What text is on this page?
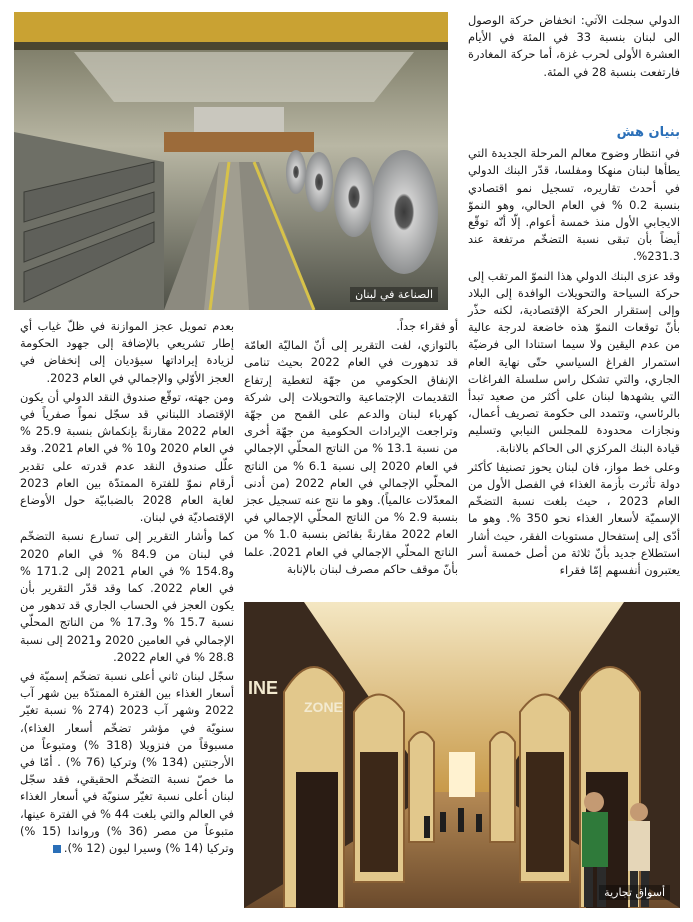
الصناعة في لبنان

الدولي سجلت الآتي: انخفاض حركة الوصول الى لبنان بنسبة 33 في المئة في الأيام العشرة الأولى لحرب غزة، أما حركة المغادرة فارتفعت بنسبة 28 في المئة.

بنيان هش

في انتظار وضوح معالم المرحلة الجديدة التي يطأها لبنان منهكا ومفلسا، قدّر البنك الدولي في أحدث تقاريره، تسجيل نمو اقتصادي بنسبة 0.2 % في العام الحالي، وهو النموّ الايجابي الأول منذ خمسة أعوام. إلّا أنّه توقّع أيضاً بأن تبقى نسبة التضخّم مرتفعة عند 231.3%.

وقد عزى البنك الدولي هذا النموّ المرتقب إلى حركة السياحة والتحويلات الوافدة إلى البلاد وإلى إستقرار الحركة الإقتصادية، لكنه حذّر بأنّ توقعات النموّ هذه خاضعة لدرجة عالية من عدم اليقين ولا سيما استنادا الى فرضيّة استمرار الفراغ السياسي حتّى نهاية العام الجاري، والتي تشكل راس سلسلة الفراغات التي يشهدها لبنان على أكثر من صعيد تبدأ بالرئاسي، وتتمدد الى حكومة تصريف أعمال، ونجازات محدودة للمجلس النيابي وتسليم قيادة البنك المركزي الى الحاكم بالانابة.

وعلى خط مواز، فان لبنان يحوز تصنيفا كأكثر دولة تأثرت بأزمة الغذاء في الفصل الأول من العام 2023 ، حيث بلغت نسبة التضخّم الإسميّة لأسعار الغذاء نحو 350 %. وهو ما أدّى إلى إستفحال مستويات الفقر، حيث أشار استطلاع جديد بأنّ ثلاثة من أصل خمسة أسر يعتبرون أنفسهم إمّا فقراء

أو فقراء جداً.

بالتوازي، لفت التقرير إلى أنّ الماليّة العامّة قد تدهورت في العام 2022 بحيث تنامى الإنفاق الحكومي من جهّة لتغطية إرتفاع التقديمات الإجتماعية والتحويلات إلى شركة كهرباء لبنان والدعم على القمح من جهّة وتراجعت الإيرادات الحكومية من جهّة أخرى من نسبة 13.1 % من الناتج المحلّي الإجمالي في العام 2020 إلى نسبة 6.1 % من الناتج المحلّي الإجمالي في العام 2022 (من أدنى المعدّلات عالمياً). وهو ما نتج عنه تسجيل عجز بنسبة 2.9 % من الناتج المحلّي الإجمالي في العام 2022 مقارنةً بفائض بنسبة 1.0 % من الناتج المحلّي الإجمالي في العام 2021. علما بأنّ موقف حاكم مصرف لبنان بالإنابة

بعدم تمويل عجز الموازنة في ظلّ غياب أي إطار تشريعي بالإضافة إلى جهود الحكومة لزيادة إيراداتها سيؤديان إلى إنخفاض في العجز الأوّلي والإجمالي في العام 2023.

ومن جهته، توقّع صندوق النقد الدولي أن يكون الإقتصاد اللبناني قد سجّل نمواً صفرياً في العام 2022 مقارنةً بإنكماش بنسبة 25.9 % في العام 2020 و10 % في العام 2021. وقد علّل صندوق النقد عدم قدرته على تقدير أرقام نموّ للفترة الممتدّة بين العام 2023 لغاية العام 2028 بالضبابيّة حول الأوضاع الإقتصاديّة في لبنان.

كما وأشار التقرير إلى تسارع نسبة التضخّم في لبنان من 84.9 % في العام 2020 و154.8 % في العام 2021 إلى 171.2 % في العام 2022. كما وقد قدّر التقرير بأن يكون العجز في الحساب الجاري قد تدهور من نسبة 15.7 % و17.3 % من الناتج المحلّي الإجمالي في العامين 2020 و2021 إلى نسبة 28.8 % في العام 2022.

سجّل لبنان ثاني أعلى نسبة تضخّم إسميّة في أسعار الغذاء بين الفترة الممتدّة بين شهر آب 2022 وشهر آب 2023 (274 % نسبة تغيّر سنويّة في مؤشر تضخّم أسعار الغذاء)، مسبوقاً من فنزويلا (318 %) ومتبوعاً من الأرجنتين (134 %) وتركيا (76 %) . أمّا في ما خصّ نسبة التضخّم الحقيقي، فقد سجّل لبنان أعلى نسبة تغيّر سنويّة في أسعار الغذاء في العالم والتي بلغت 44 % في الفترة عينها، متبوعاً من مصر (36 %) ورواندا (15 %) وتركيا (14 %) وسيرا ليون (12 %).

ZONE
INE
أسواق تجارية
